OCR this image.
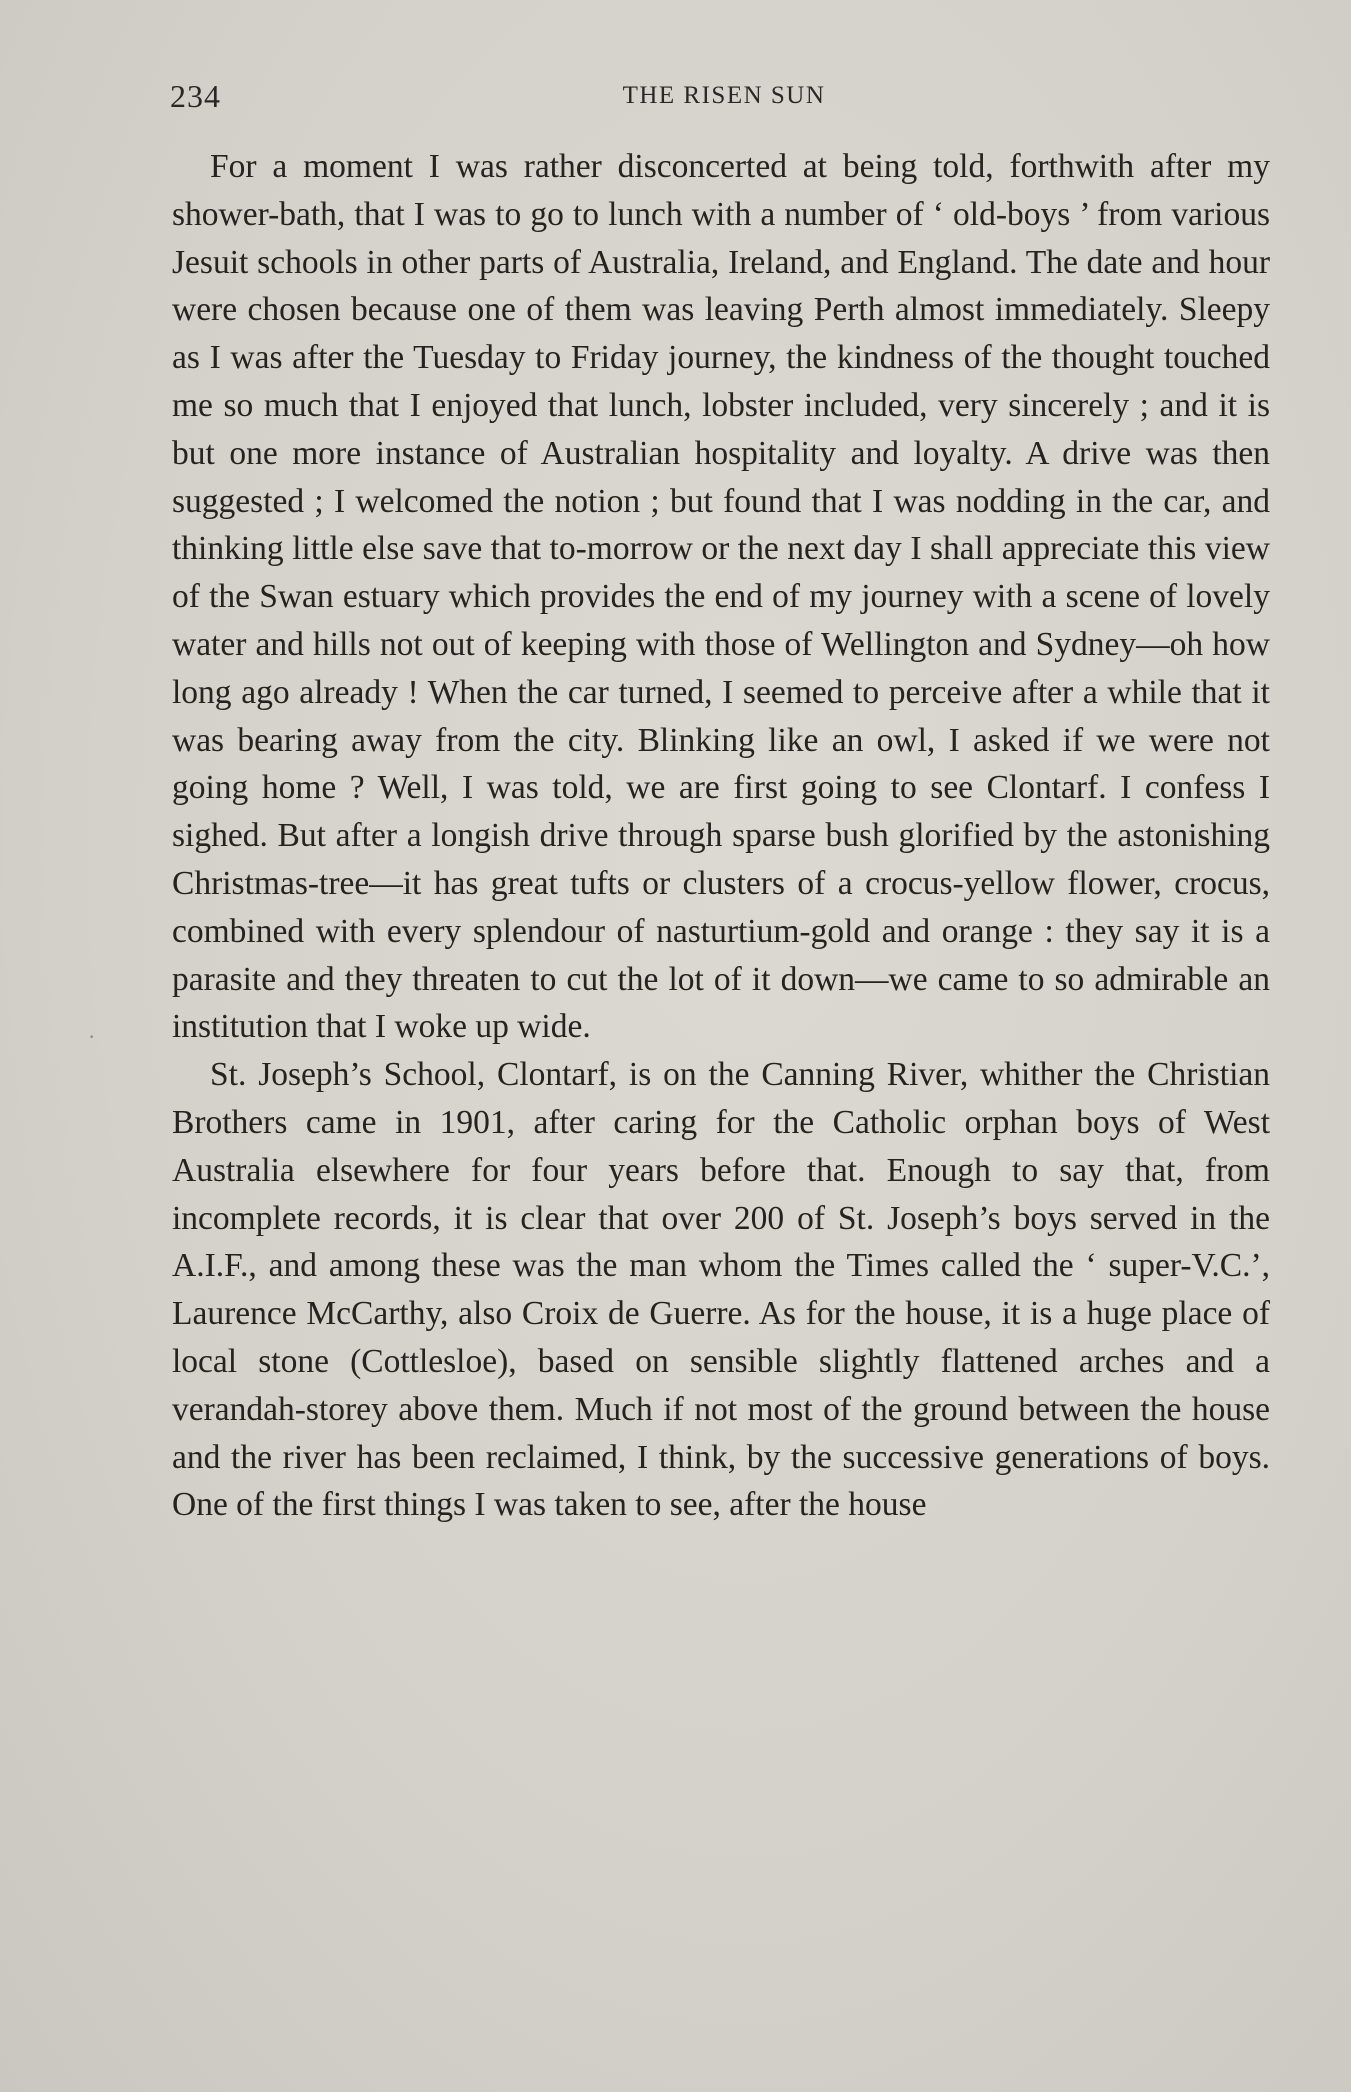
234	THE RISEN SUN
·

For a moment I was rather disconcerted at being told, forthwith after my shower-bath, that I was to go to lunch with a number of ‘ old-boys ’ from various Jesuit schools in other parts of Australia, Ireland, and England. The date and hour were chosen because one of them was leaving Perth almost immediately. Sleepy as I was after the Tuesday to Friday journey, the kindness of the thought touched me so much that I enjoyed that lunch, lobster included, very sincerely ; and it is but one more instance of Australian hospitality and loyalty. A drive was then suggested ; I welcomed the notion ; but found that I was nodding in the car, and thinking little else save that to-morrow or the next day I shall appreciate this view of the Swan estuary which provides the end of my journey with a scene of lovely water and hills not out of keeping with those of Wellington and Sydney—oh how long ago already ! When the car turned, I seemed to perceive after a while that it was bearing away from the city. Blinking like an owl, I asked if we were not going home ? Well, I was told, we are first going to see Clontarf. I confess I sighed. But after a longish drive through sparse bush glorified by the astonishing Christmas-tree—it has great tufts or clusters of a crocus-yellow flower, crocus, combined with every splendour of nasturtium-gold and orange : they say it is a parasite and they threaten to cut the lot of it down—we came to so admirable an institution that I woke up wide.

St. Joseph’s School, Clontarf, is on the Canning River, whither the Christian Brothers came in 1901, after caring for the Catholic orphan boys of West Australia elsewhere for four years before that. Enough to say that, from incomplete records, it is clear that over 200 of St. Joseph’s boys served in the A.I.F., and among these was the man whom the Times called the ‘ super-V.C.’, Laurence McCarthy, also Croix de Guerre. As for the house, it is a huge place of local stone (Cottlesloe), based on sensible slightly flattened arches and a verandah-storey above them. Much if not most of the ground between the house and the river has been reclaimed, I think, by the successive generations of boys. One of the first things I was taken to see, after the house
